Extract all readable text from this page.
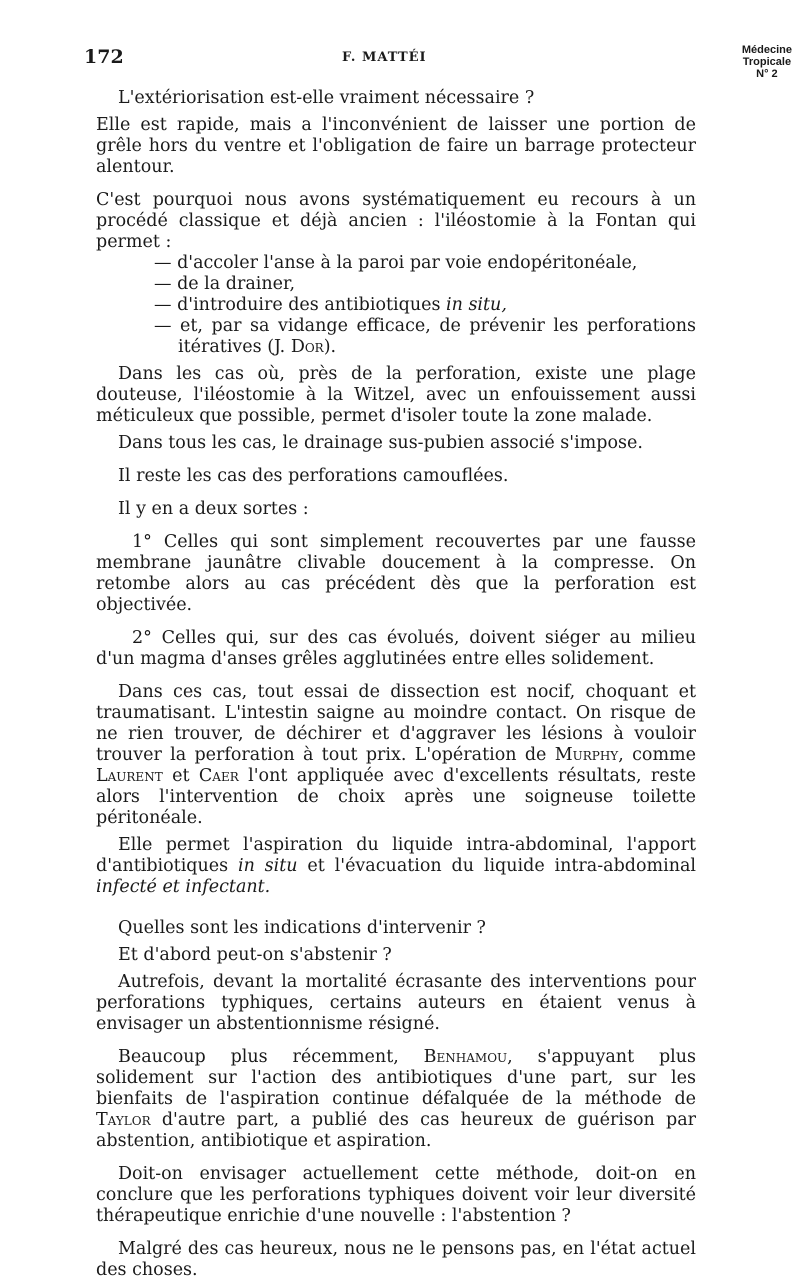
172	F. MATTÉI	Médecine
Tropicale
N° 2

L'extériorisation est-elle vraiment nécessaire ?

Elle est rapide, mais a l'inconvénient de laisser une portion de grêle hors du ventre et l'obligation de faire un barrage protecteur alentour.

C'est pourquoi nous avons systématiquement eu recours à un procédé classique et déjà ancien : l'iléostomie à la Fontan qui permet :

— d'accoler l'anse à la paroi par voie endopéritonéale,

— de la drainer,

— d'introduire des antibiotiques in situ,

— et, par sa vidange efficace, de prévenir les perforations itératives (J. Dor).

Dans les cas où, près de la perforation, existe une plage douteuse, l'iléostomie à la Witzel, avec un enfouissement aussi méticuleux que possible, permet d'isoler toute la zone malade.

Dans tous les cas, le drainage sus-pubien associé s'impose.

Il reste les cas des perforations camouflées.

Il y en a deux sortes :

1° Celles qui sont simplement recouvertes par une fausse membrane jaunâtre clivable doucement à la compresse. On retombe alors au cas précédent dès que la perforation est objectivée.

2° Celles qui, sur des cas évolués, doivent siéger au milieu d'un magma d'anses grêles agglutinées entre elles solidement.

Dans ces cas, tout essai de dissection est nocif, choquant et traumatisant. L'intestin saigne au moindre contact. On risque de ne rien trouver, de déchirer et d'aggraver les lésions à vouloir trouver la perforation à tout prix. L'opération de Murphy, comme Laurent et Caer l'ont appliquée avec d'excellents résultats, reste alors l'intervention de choix après une soigneuse toilette péritonéale.

Elle permet l'aspiration du liquide intra-abdominal, l'apport d'antibiotiques in situ et l'évacuation du liquide intra-abdominal infecté et infectant.

Quelles sont les indications d'intervenir ?

Et d'abord peut-on s'abstenir ?

Autrefois, devant la mortalité écrasante des interventions pour perforations typhiques, certains auteurs en étaient venus à envisager un abstentionnisme résigné.

Beaucoup plus récemment, Benhamou, s'appuyant plus solidement sur l'action des antibiotiques d'une part, sur les bienfaits de l'aspiration continue défalquée de la méthode de Taylor d'autre part, a publié des cas heureux de guérison par abstention, antibiotique et aspiration.

Doit-on envisager actuellement cette méthode, doit-on en conclure que les perforations typhiques doivent voir leur diversité thérapeutique enrichie d'une nouvelle : l'abstention ?

Malgré des cas heureux, nous ne le pensons pas, en l'état actuel des choses.
